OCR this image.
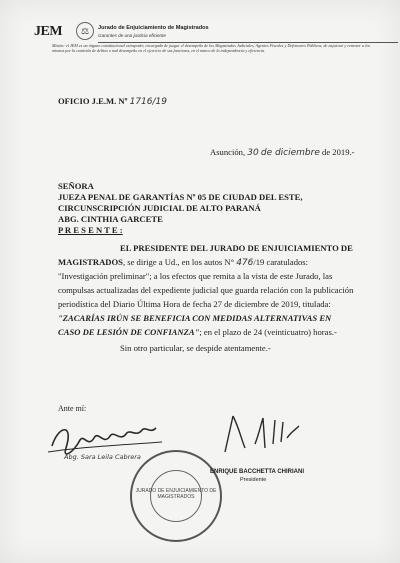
JEM	⚖	Jurado de Enjuiciamiento de Magistrados
Garantes de una justicia eficiente
Misión: el JEM es un órgano constitucional extrapoder, encargado de juzgar el desempeño de los Magistrados Judiciales, Agentes Fiscales y Defensores Públicos, de enjuiciar y remover a los mismos por la comisión de delitos o mal desempeño en el ejercicio de sus funciones, en el marco de la independencia y eficiencia.
OFICIO J.E.M. Nº 1716/19
Asunción, 30 de diciembre de 2019.-
SEÑORA
JUEZA PENAL DE GARANTÍAS Nº 05 DE CIUDAD DEL ESTE,
CIRCUNSCRIPCIÓN JUDICIAL DE ALTO PARANÁ
ABG. CINTHIA GARCETE
P R E S E N T E :
EL PRESIDENTE DEL JURADO DE ENJUICIAMIENTO DE
MAGISTRADOS, se dirige a Ud., en los autos N° 476/19 caratulados:
"Investigación preliminar"; a los efectos que remita a la vista de este Jurado, las
compulsas actualizadas del expediente judicial que guarda relación con la publicación
periodística del Diario Última Hora de fecha 27 de diciembre de 2019, titulada:
"ZACARÍAS IRÚN SE BENEFICIA CON MEDIDAS ALTERNATIVAS EN
CASO DE LESIÓN DE CONFIANZA"; en el plazo de 24 (veinticuatro) horas.-
Sin otro particular, se despide atentamente.-
Ante mí:
Abg. Sara Leila Cabrera
JURADO DE ENJUICIAMIENTO DE MAGISTRADOS
ENRIQUE BACCHETTA CHIRIANI
Presidente
